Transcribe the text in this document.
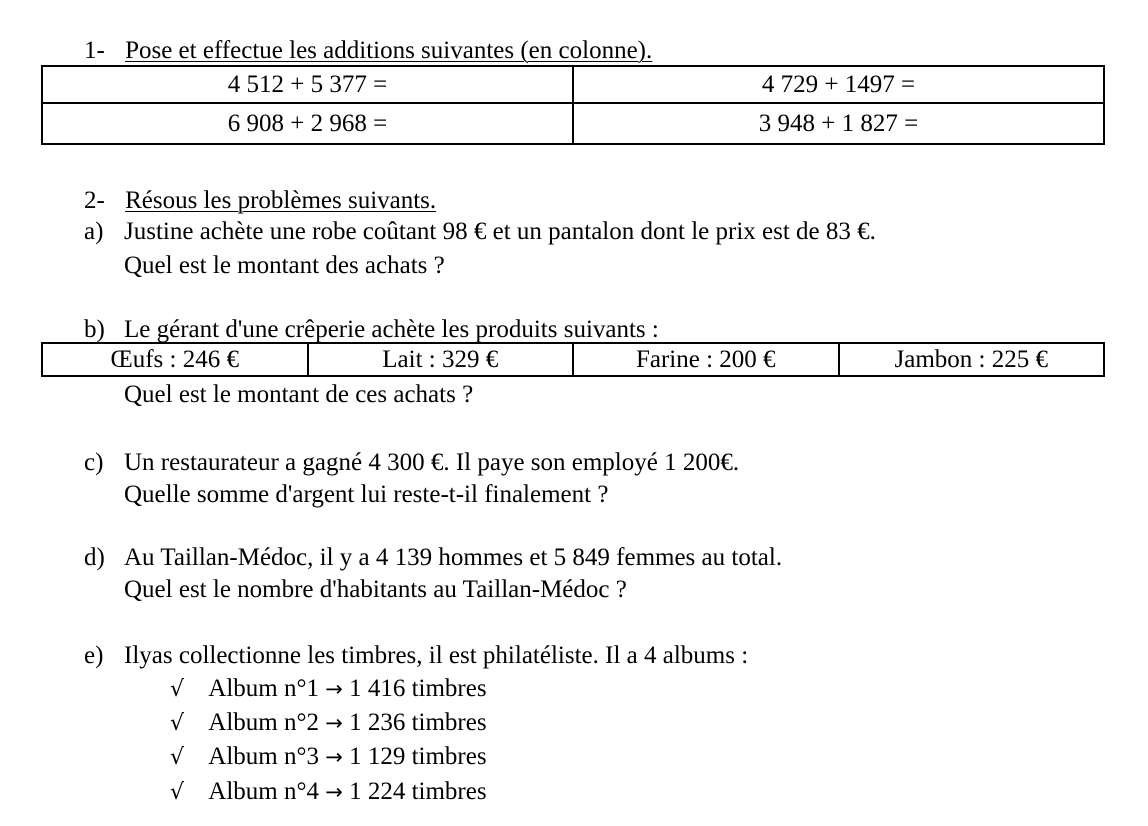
1- Pose et effectue les additions suivantes (en colonne).
4 512 + 5 377 =	4 729 + 1497 =
6 908 + 2 968 =	3 948 + 1 827 =
2- Résous les problèmes suivants.
a) Justine achète une robe coûtant 98 € et un pantalon dont le prix est de 83 €.
Quel est le montant des achats ?
b) Le gérant d'une crêperie achète les produits suivants :
Œufs : 246 €	Lait : 329 €	Farine : 200 €	Jambon : 225 €
Quel est le montant de ces achats ?
c) Un restaurateur a gagné 4 300 €. Il paye son employé 1 200€.
Quelle somme d'argent lui reste-t-il finalement ?
d) Au Taillan-Médoc, il y a 4 139 hommes et 5 849 femmes au total.
Quel est le nombre d'habitants au Taillan-Médoc ?
e) Ilyas collectionne les timbres, il est philatéliste. Il a 4 albums :
√ Album n°1 → 1 416 timbres
√ Album n°2 → 1 236 timbres
√ Album n°3 → 1 129 timbres
√ Album n°4 → 1 224 timbres
